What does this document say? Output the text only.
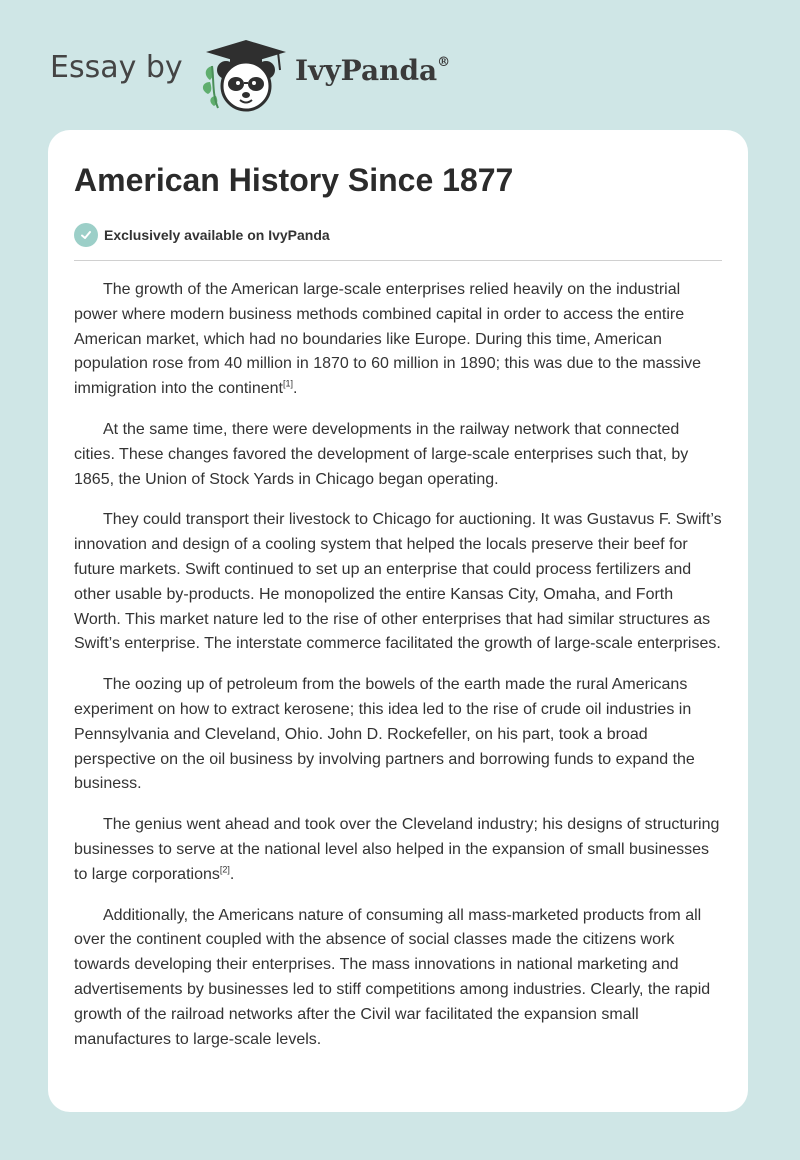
Essay by	IvyPanda®
American History Since 1877
Exclusively available on IvyPanda

The growth of the American large-scale enterprises relied heavily on the industrial power where modern business methods combined capital in order to access the entire American market, which had no boundaries like Europe. During this time, American population rose from 40 million in 1870 to 60 million in 1890; this was due to the massive immigration into the continent[1].

At the same time, there were developments in the railway network that connected cities. These changes favored the development of large-scale enterprises such that, by 1865, the Union of Stock Yards in Chicago began operating.

They could transport their livestock to Chicago for auctioning. It was Gustavus F. Swift’s innovation and design of a cooling system that helped the locals preserve their beef for future markets. Swift continued to set up an enterprise that could process fertilizers and other usable by-products. He monopolized the entire Kansas City, Omaha, and Forth Worth. This market nature led to the rise of other enterprises that had similar structures as Swift’s enterprise. The interstate commerce facilitated the growth of large-scale enterprises.

The oozing up of petroleum from the bowels of the earth made the rural Americans experiment on how to extract kerosene; this idea led to the rise of crude oil industries in Pennsylvania and Cleveland, Ohio. John D. Rockefeller, on his part, took a broad perspective on the oil business by involving partners and borrowing funds to expand the business.

The genius went ahead and took over the Cleveland industry; his designs of structuring businesses to serve at the national level also helped in the expansion of small businesses to large corporations[2].

Additionally, the Americans nature of consuming all mass-marketed products from all over the continent coupled with the absence of social classes made the citizens work towards developing their enterprises. The mass innovations in national marketing and advertisements by businesses led to stiff competitions among industries. Clearly, the rapid growth of the railroad networks after the Civil war facilitated the expansion small manufactures to large-scale levels.
